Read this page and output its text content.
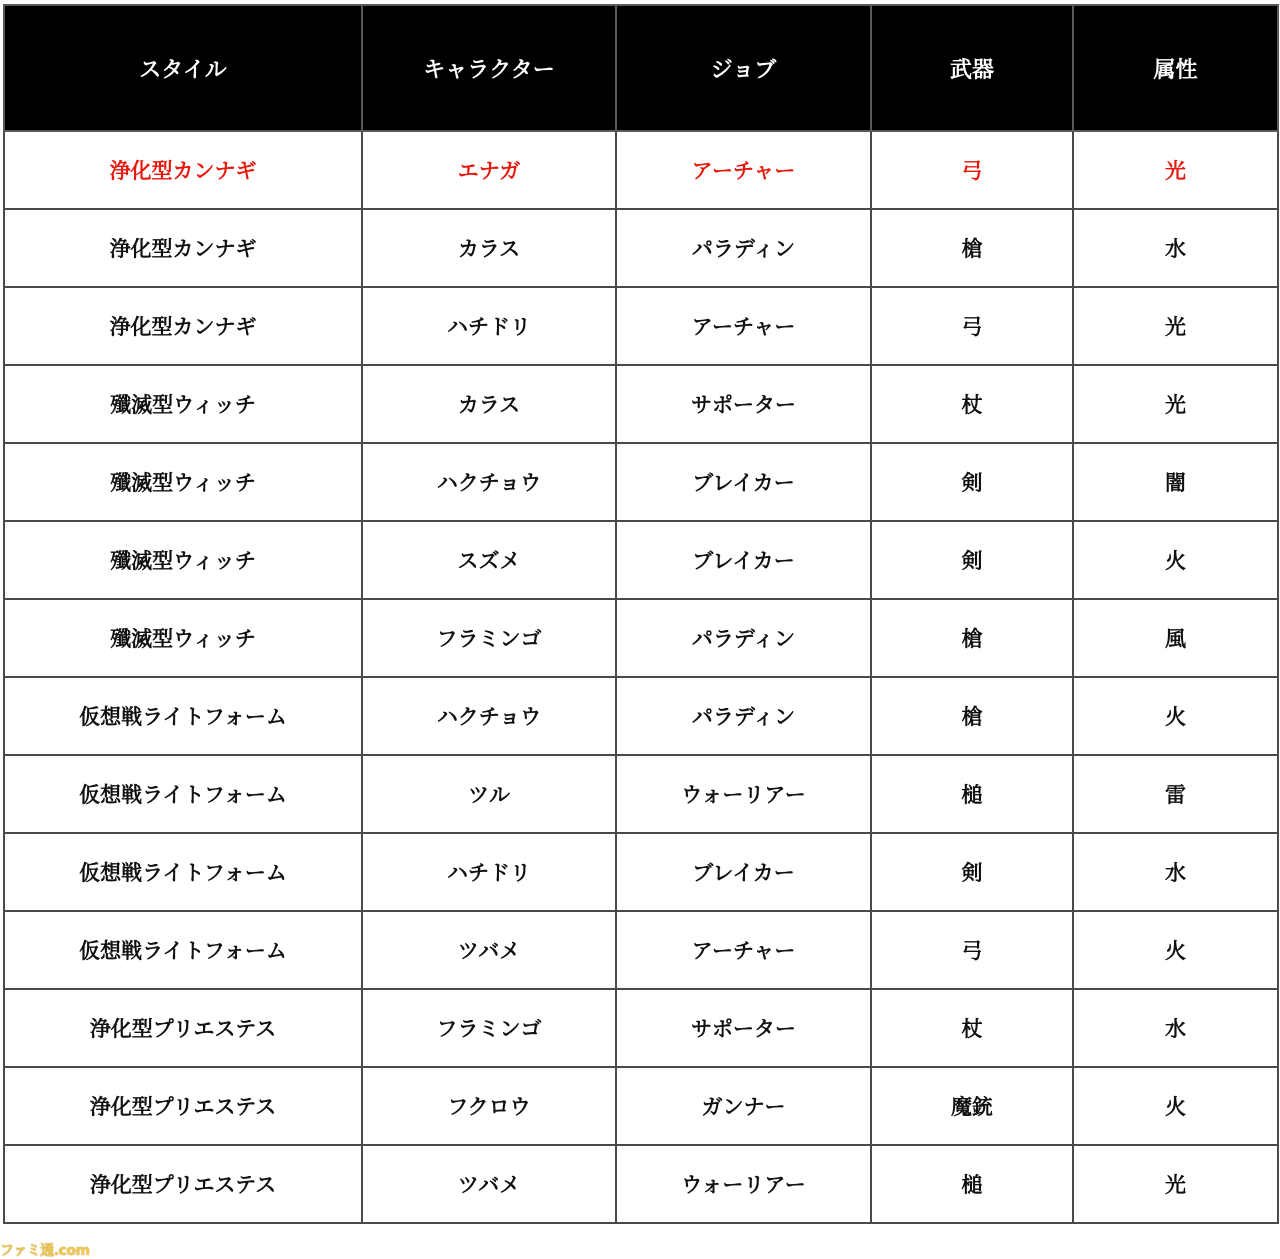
スタイル	キャラクター	ジョブ	武器	属性
浄化型カンナギ	エナガ	アーチャー	弓	光
浄化型カンナギ	カラス	パラディン	槍	水
浄化型カンナギ	ハチドリ	アーチャー	弓	光
殲滅型ウィッチ	カラス	サポーター	杖	光
殲滅型ウィッチ	ハクチョウ	ブレイカー	剣	闇
殲滅型ウィッチ	スズメ	ブレイカー	剣	火
殲滅型ウィッチ	フラミンゴ	パラディン	槍	風
仮想戦ライトフォーム	ハクチョウ	パラディン	槍	火
仮想戦ライトフォーム	ツル	ウォーリアー	槌	雷
仮想戦ライトフォーム	ハチドリ	ブレイカー	剣	水
仮想戦ライトフォーム	ツバメ	アーチャー	弓	火
浄化型プリエステス	フラミンゴ	サポーター	杖	水
浄化型プリエステス	フクロウ	ガンナー	魔銃	火
浄化型プリエステス	ツバメ	ウォーリアー	槌	光
ファミ通.com
